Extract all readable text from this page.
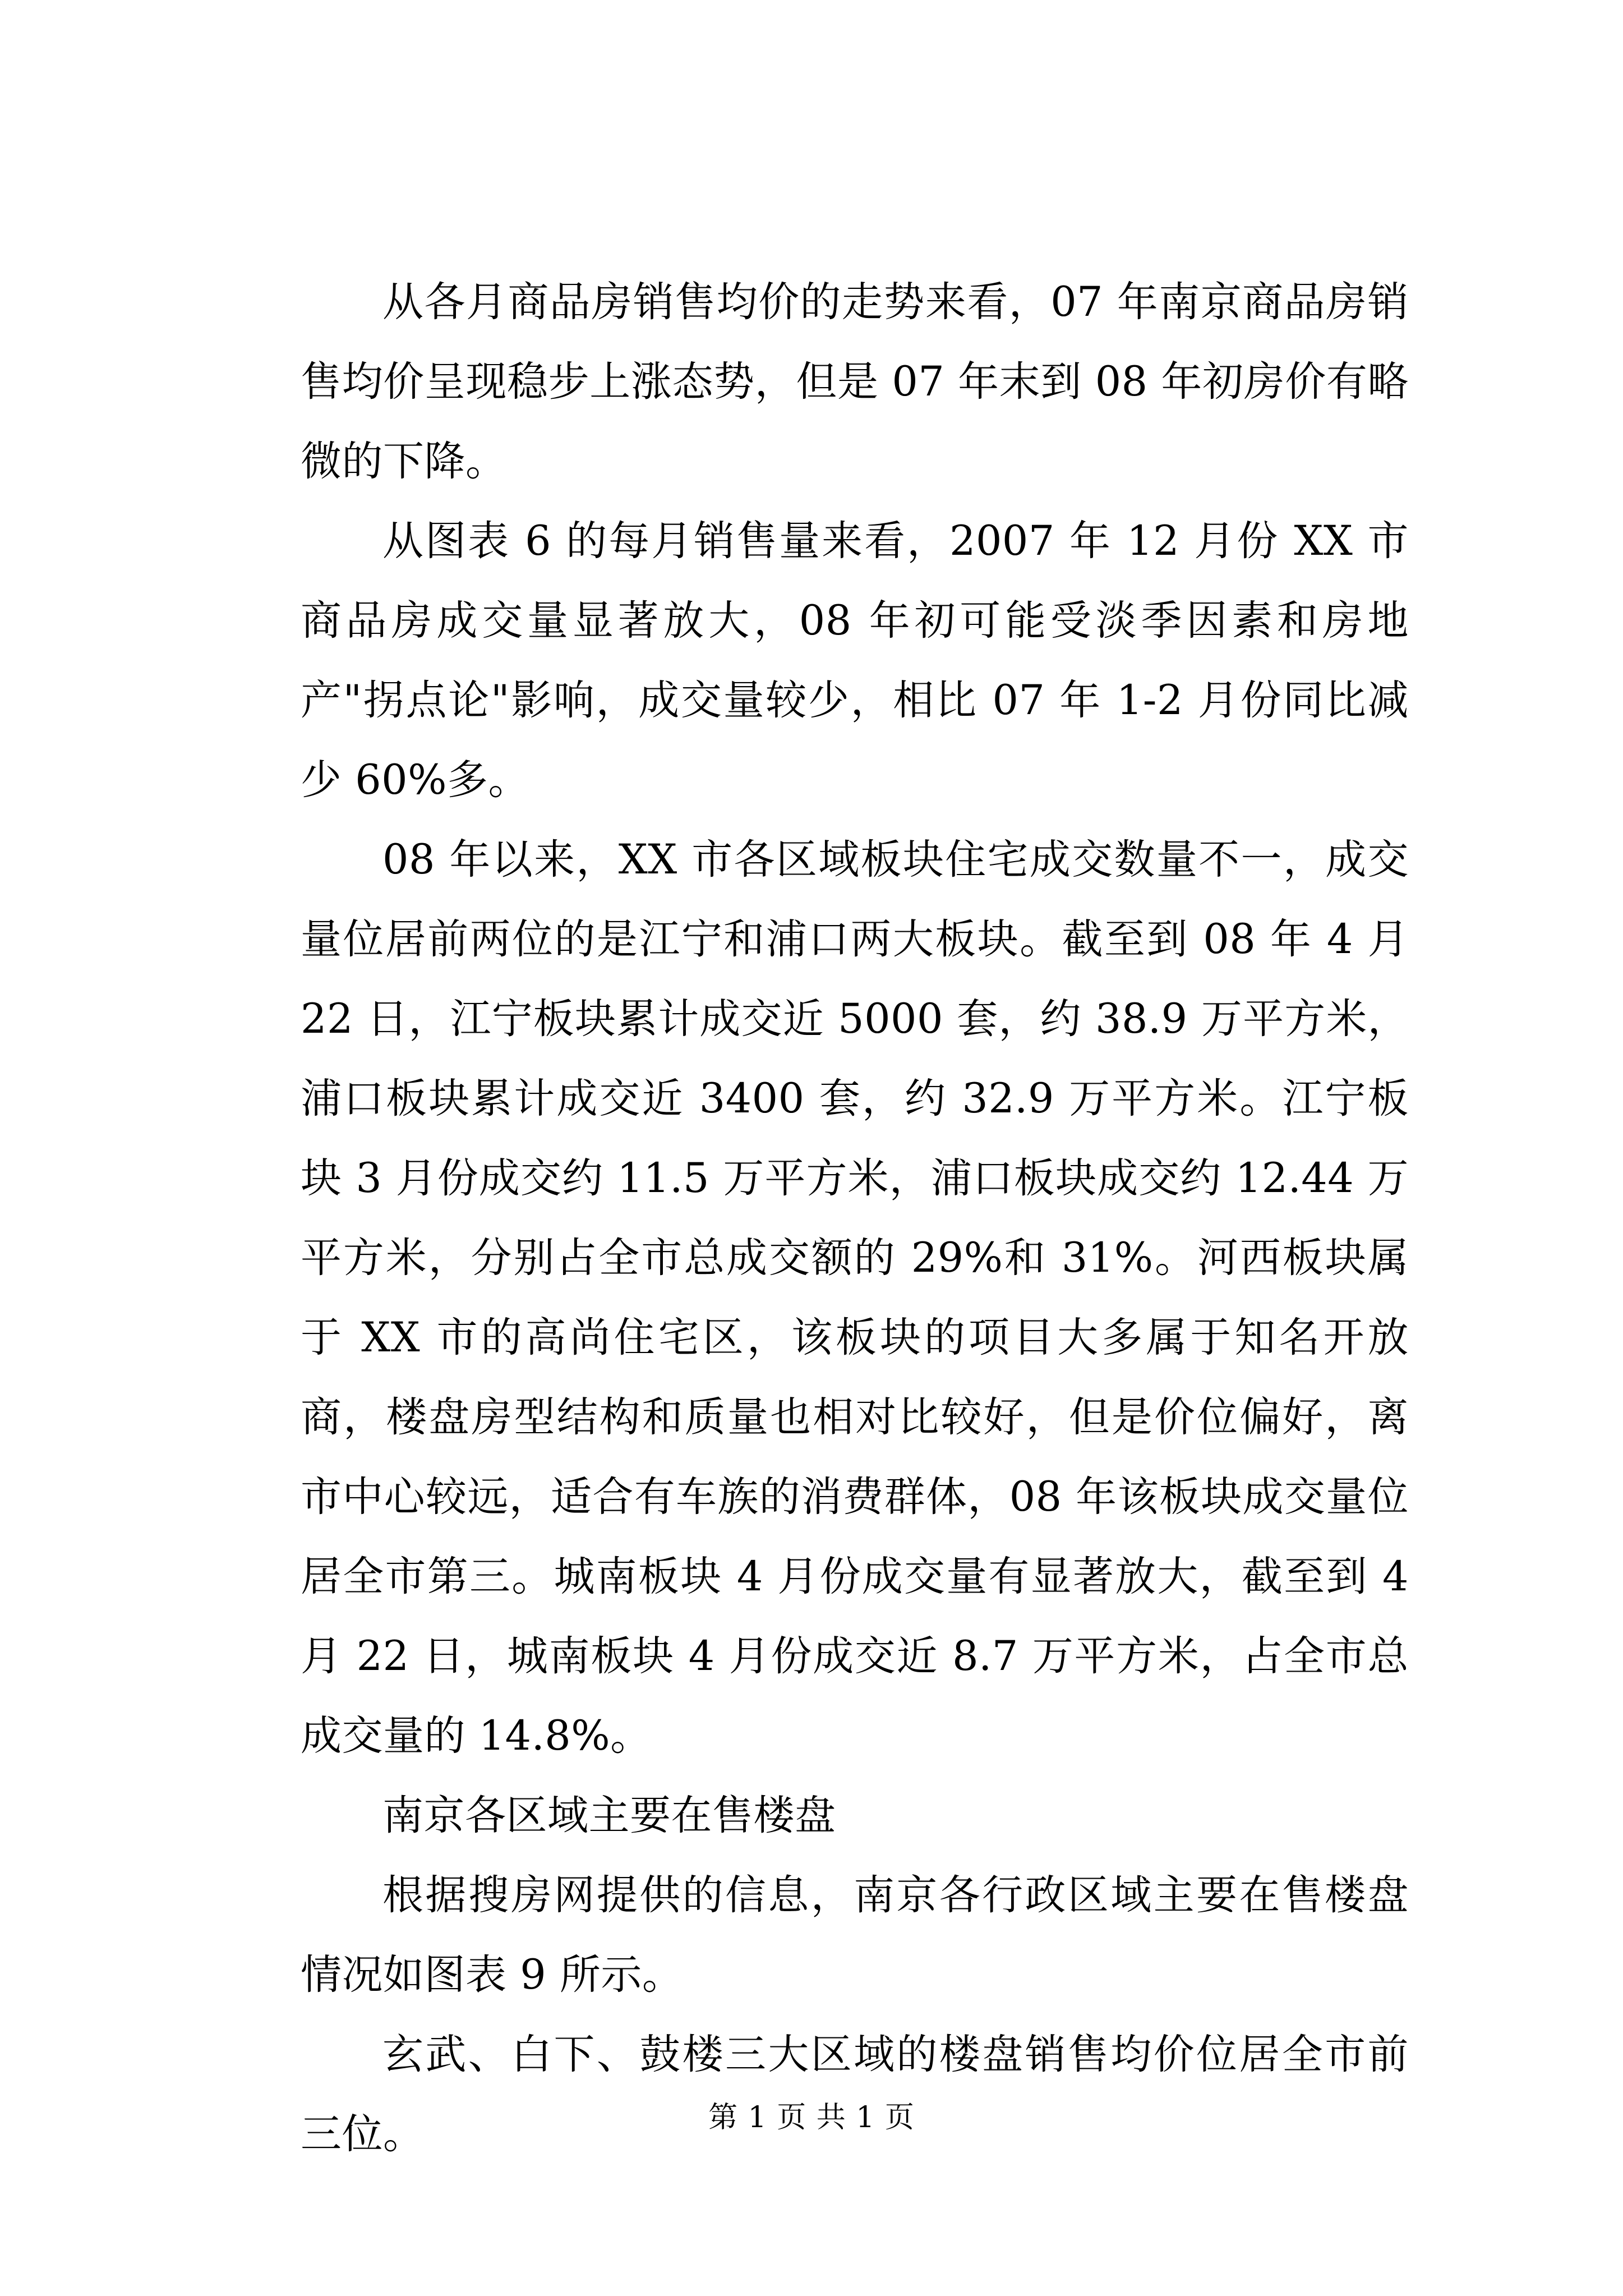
从各月商品房销售均价的走势来看，07 年南京商品房销售均价呈现稳步上涨态势，但是 07 年末到 08 年初房价有略微的下降。

从图表 6 的每月销售量来看，2007 年 12 月份 XX 市商品房成交量显著放大，08 年初可能受淡季因素和房地产"拐点论"影响，成交量较少，相比 07 年 1-2 月份同比减少 60%多。

08 年以来，XX 市各区域板块住宅成交数量不一，成交量位居前两位的是江宁和浦口两大板块。截至到 08 年 4 月 22 日，江宁板块累计成交近 5000 套，约 38.9 万平方米，浦口板块累计成交近 3400 套，约 32.9 万平方米。江宁板块 3 月份成交约 11.5 万平方米，浦口板块成交约 12.44 万平方米，分别占全市总成交额的 29%和 31%。河西板块属于 XX 市的高尚住宅区，该板块的项目大多属于知名开放商，楼盘房型结构和质量也相对比较好，但是价位偏好，离市中心较远，适合有车族的消费群体，08 年该板块成交量位居全市第三。城南板块 4 月份成交量有显著放大，截至到 4 月 22 日，城南板块 4 月份成交近 8.7 万平方米，占全市总成交量的 14.8%。

南京各区域主要在售楼盘

根据搜房网提供的信息，南京各行政区域主要在售楼盘情况如图表 9 所示。

玄武、白下、鼓楼三大区域的楼盘销售均价位居全市前三位。	第 1 页 共 1 页
